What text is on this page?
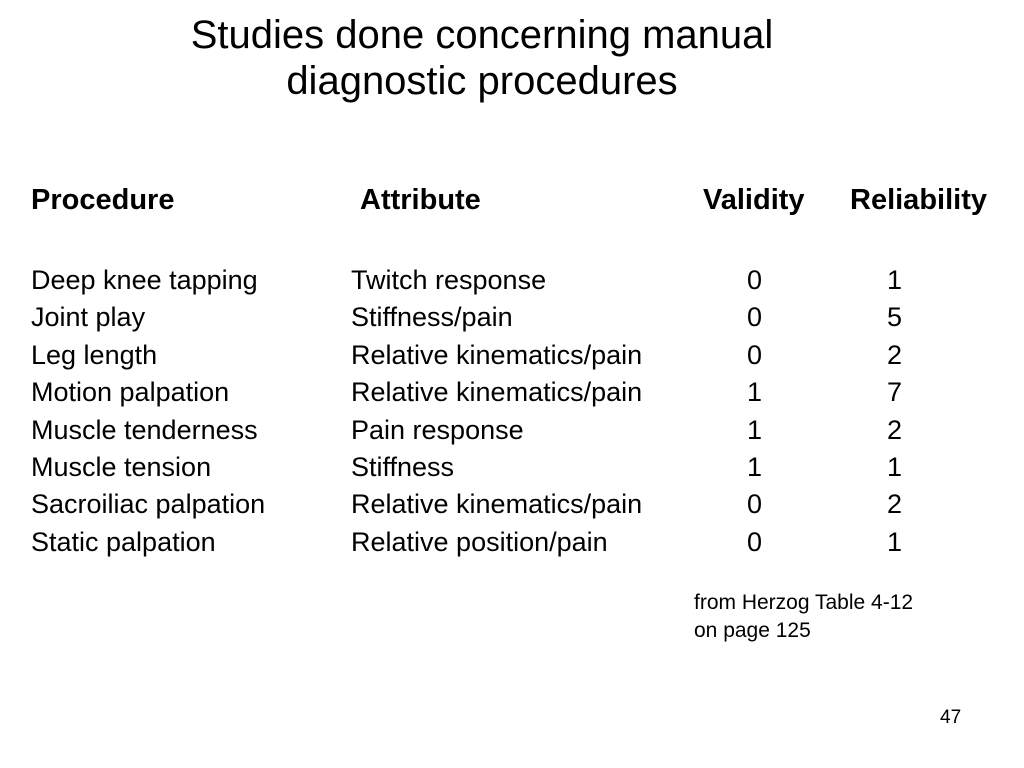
Studies done concerning manual
diagnostic procedures
Procedure	Attribute	Validity Reliability
Deep knee tapping	Twitch response	0	1
Joint play	Stiffness/pain	0	5
Leg length	Relative kinematics/pain	0	2
Motion palpation	Relative kinematics/pain	1	7
Muscle tenderness	Pain response	1	2
Muscle tension	Stiffness	1	1
Sacroiliac palpation	Relative kinematics/pain	0	2
Static palpation	Relative position/pain	0	1
from Herzog Table 4-12
on page 125
47
